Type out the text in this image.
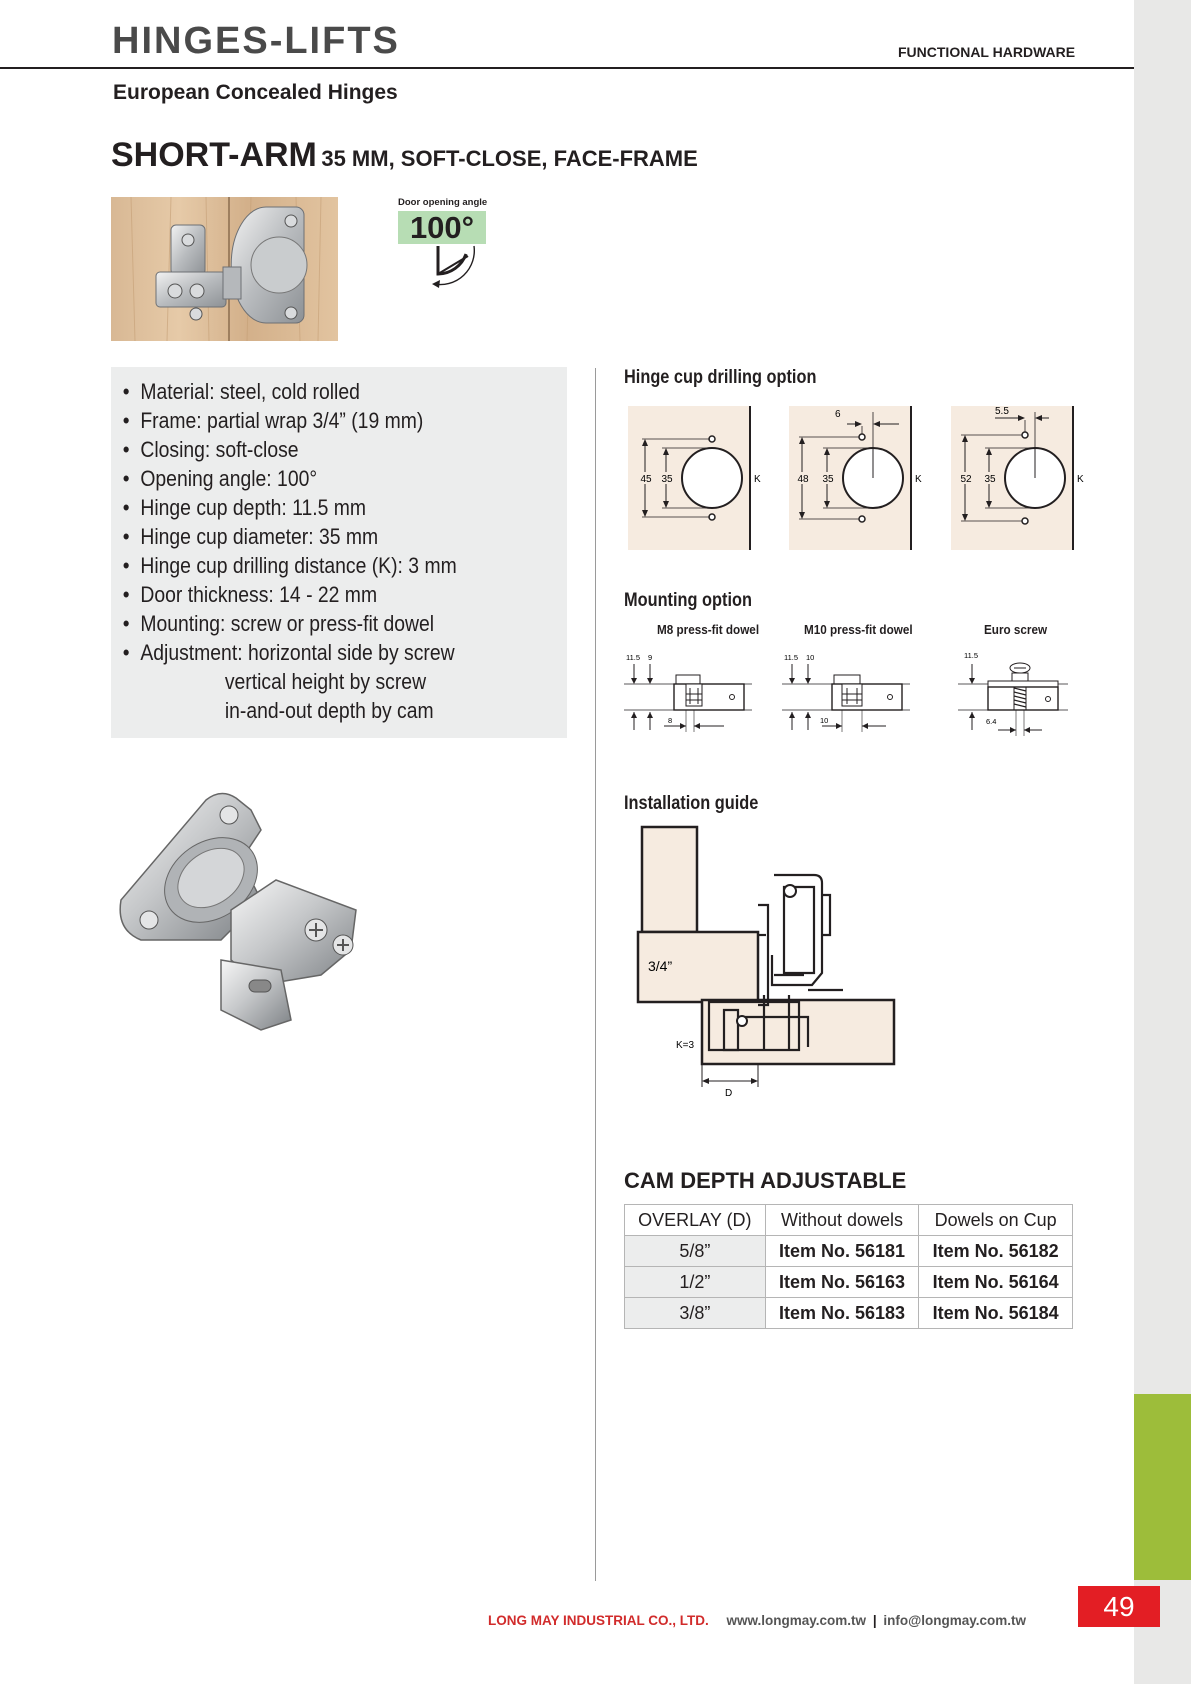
49
HINGES-LIFTS	FUNCTIONAL HARDWARE
European Concealed Hinges
SHORT-ARM 35 MM, SOFT-CLOSE, FACE-FRAME
Door opening angle
100°
• Material: steel, cold rolled
• Frame: partial wrap 3/4” (19 mm)
• Closing: soft-close
• Opening angle: 100°
• Hinge cup depth: 11.5 mm
• Hinge cup diameter: 35 mm
• Hinge cup drilling distance (K): 3 mm
• Door thickness: 14 - 22 mm
• Mounting: screw or press-fit dowel
• Adjustment: horizontal side by screw
vertical height by screw
in-and-out depth by cam
Hinge cup drilling option
45 35	K
6
48 35	K
5.5
52 35	K
Mounting option
M8 press-fit dowel	M10 press-fit dowel	Euro screw
11.5 9
8
11.5 10
10
11.5
6.4
Installation guide
3/4”
K=3
D
CAM DEPTH ADJUSTABLE
OVERLAY (D)	Without dowels	Dowels on Cup
5/8”	Item No. 56181	Item No. 56182
1/2”	Item No. 56163	Item No. 56164
3/8”	Item No. 56183	Item No. 56184
LONG MAY INDUSTRIAL CO., LTD. www.longmay.com.tw | info@longmay.com.tw
